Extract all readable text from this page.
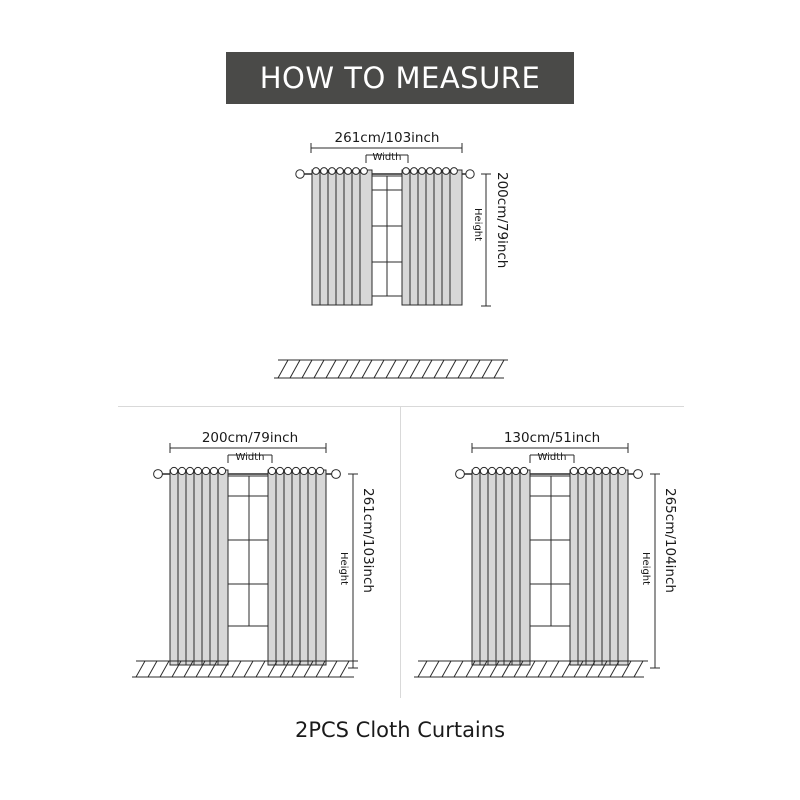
HOW TO MEASURE
261cm/103inch
Width
200cm/79inch
Height
200cm/79inch
Width
261cm/103inch
Height
130cm/51inch
Width
265cm/104inch
Height
2PCS Cloth Curtains
